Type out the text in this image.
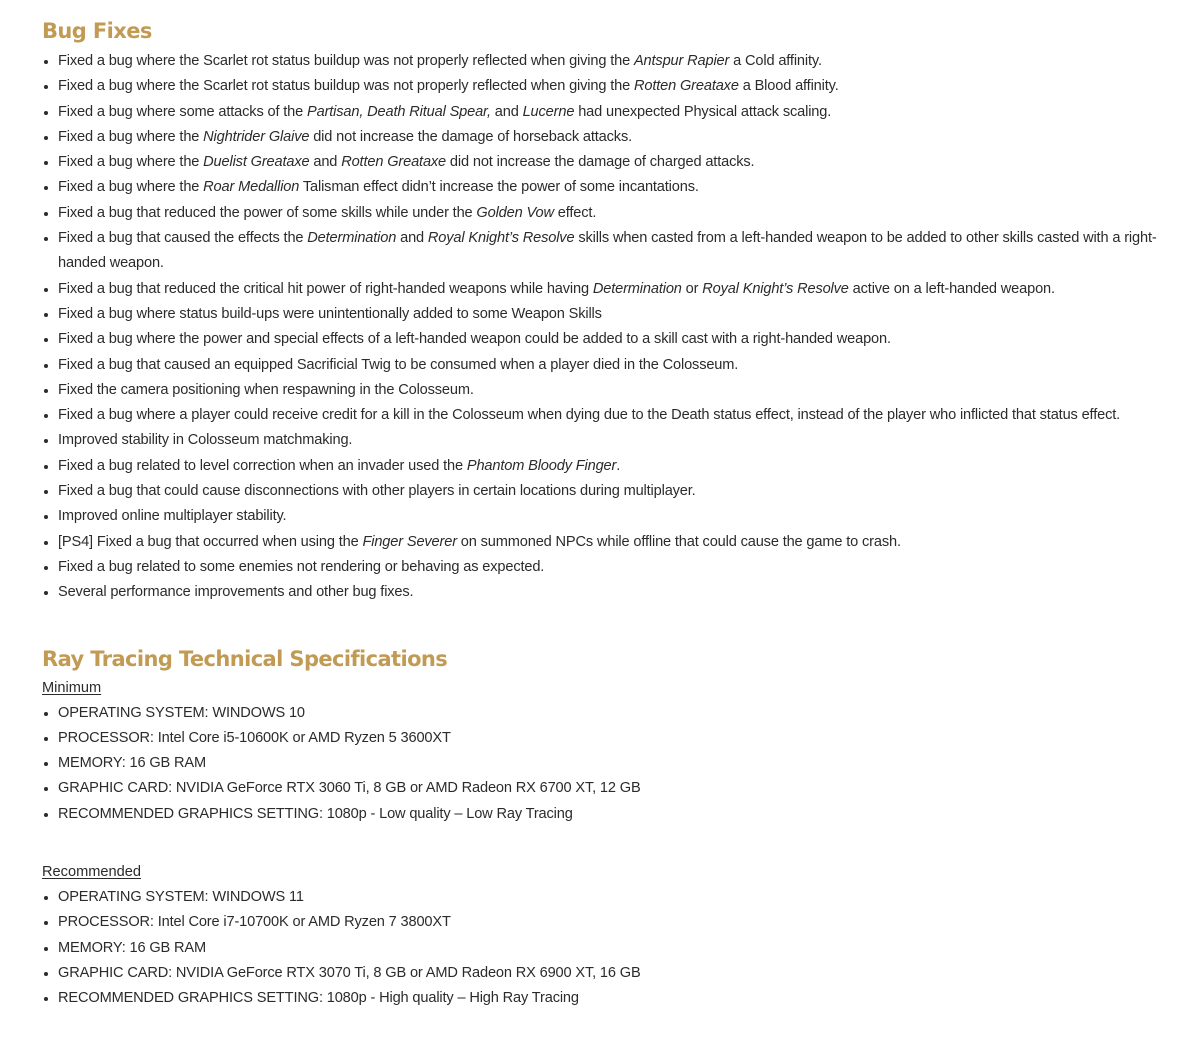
Bug Fixes
Fixed a bug where the Scarlet rot status buildup was not properly reflected when giving the Antspur Rapier a Cold affinity.
Fixed a bug where the Scarlet rot status buildup was not properly reflected when giving the Rotten Greataxe a Blood affinity.
Fixed a bug where some attacks of the Partisan, Death Ritual Spear, and Lucerne had unexpected Physical attack scaling.
Fixed a bug where the Nightrider Glaive did not increase the damage of horseback attacks.
Fixed a bug where the Duelist Greataxe and Rotten Greataxe did not increase the damage of charged attacks.
Fixed a bug where the Roar Medallion Talisman effect didn’t increase the power of some incantations.
Fixed a bug that reduced the power of some skills while under the Golden Vow effect.
Fixed a bug that caused the effects the Determination and Royal Knight’s Resolve skills when casted from a left-handed weapon to be added to other skills casted with a right-handed weapon.
Fixed a bug that reduced the critical hit power of right-handed weapons while having Determination or Royal Knight’s Resolve active on a left-handed weapon.
Fixed a bug where status build-ups were unintentionally added to some Weapon Skills
Fixed a bug where the power and special effects of a left-handed weapon could be added to a skill cast with a right-handed weapon.
Fixed a bug that caused an equipped Sacrificial Twig to be consumed when a player died in the Colosseum.
Fixed the camera positioning when respawning in the Colosseum.
Fixed a bug where a player could receive credit for a kill in the Colosseum when dying due to the Death status effect, instead of the player who inflicted that status effect.
Improved stability in Colosseum matchmaking.
Fixed a bug related to level correction when an invader used the Phantom Bloody Finger.
Fixed a bug that could cause disconnections with other players in certain locations during multiplayer.
Improved online multiplayer stability.
[PS4] Fixed a bug that occurred when using the Finger Severer on summoned NPCs while offline that could cause the game to crash.
Fixed a bug related to some enemies not rendering or behaving as expected.
Several performance improvements and other bug fixes.
Ray Tracing Technical Specifications
Minimum
OPERATING SYSTEM: WINDOWS 10
PROCESSOR: Intel Core i5-10600K or AMD Ryzen 5 3600XT
MEMORY: 16 GB RAM
GRAPHIC CARD: NVIDIA GeForce RTX 3060 Ti, 8 GB or AMD Radeon RX 6700 XT, 12 GB
RECOMMENDED GRAPHICS SETTING: 1080p - Low quality – Low Ray Tracing
Recommended
OPERATING SYSTEM: WINDOWS 11
PROCESSOR: Intel Core i7-10700K or AMD Ryzen 7 3800XT
MEMORY: 16 GB RAM
GRAPHIC CARD: NVIDIA GeForce RTX 3070 Ti, 8 GB or AMD Radeon RX 6900 XT, 16 GB
RECOMMENDED GRAPHICS SETTING: 1080p - High quality – High Ray Tracing
